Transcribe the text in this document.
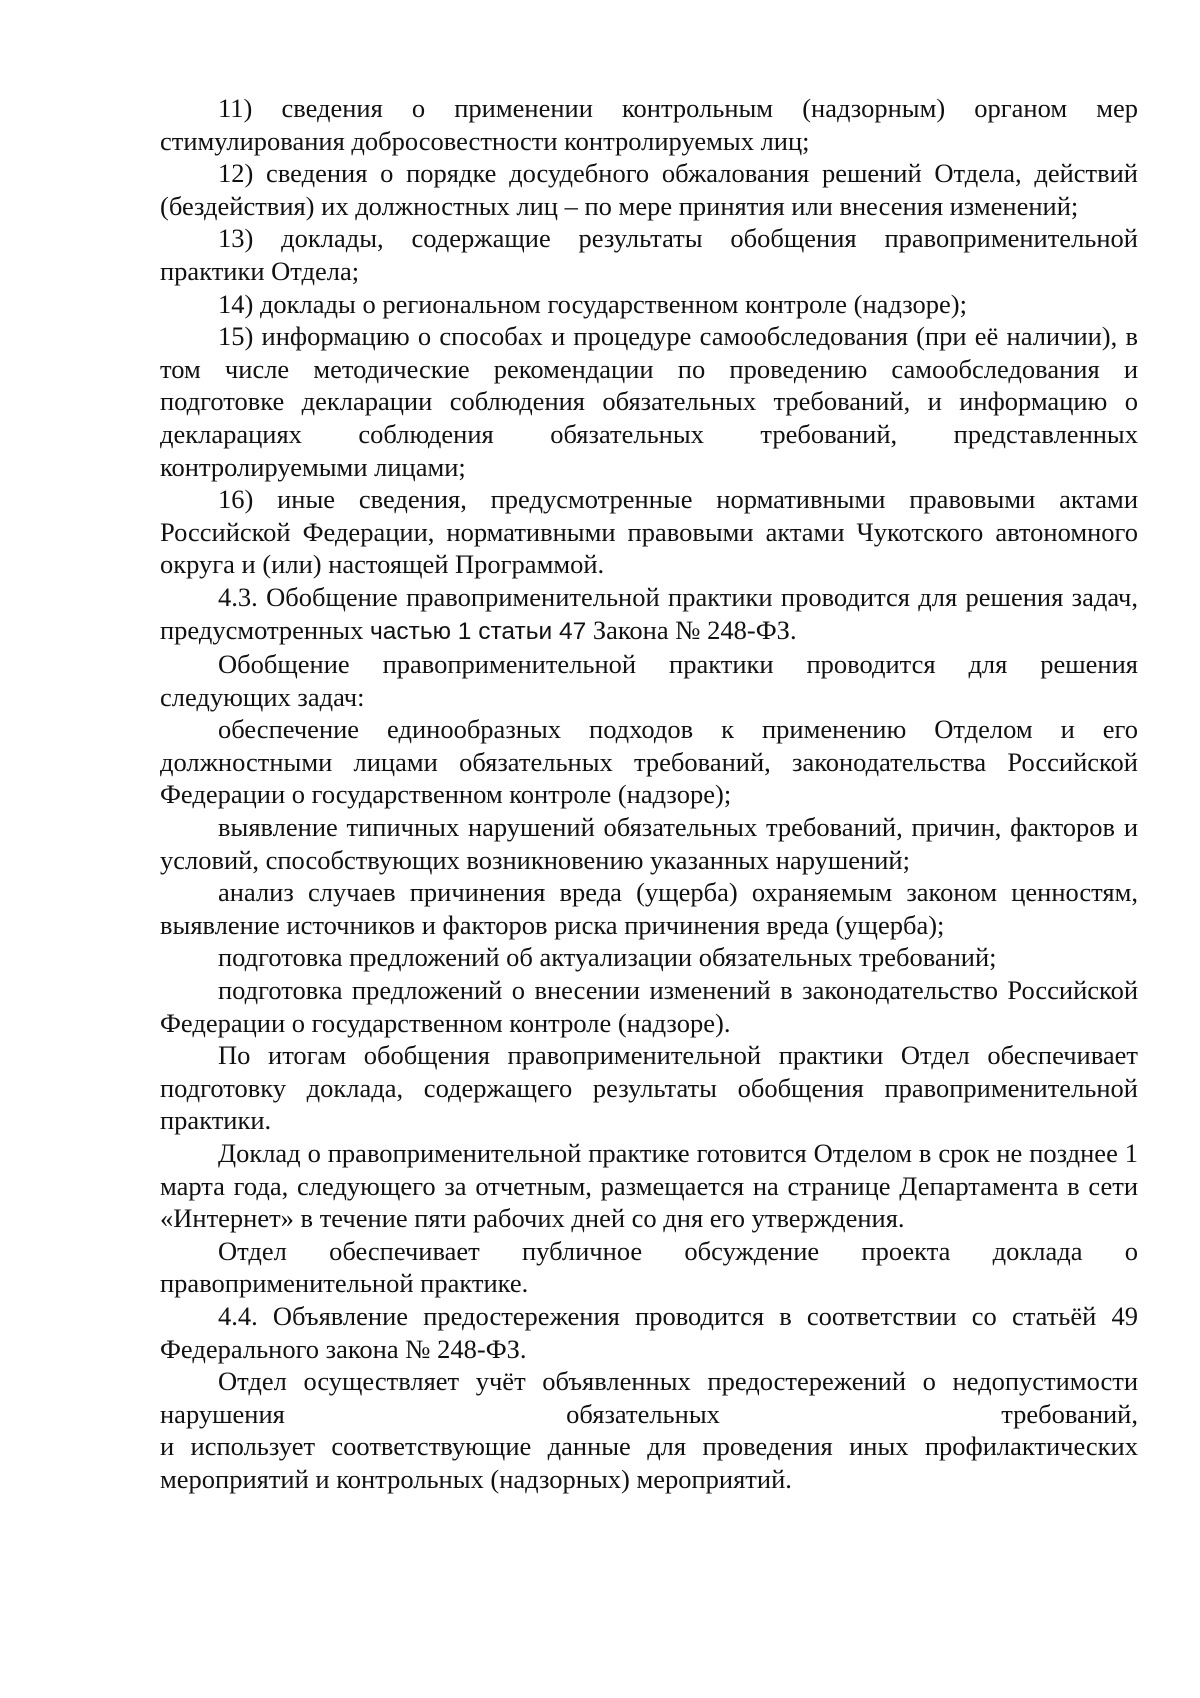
11) сведения о применении контрольным (надзорным) органом мер стимулирования добросовестности контролируемых лиц;

12) сведения о порядке досудебного обжалования решений Отдела, действий (бездействия) их должностных лиц – по мере принятия или внесения изменений;

13) доклады, содержащие результаты обобщения правоприменительной практики Отдела;

14) доклады о региональном государственном контроле (надзоре);

15) информацию о способах и процедуре самообследования (при её наличии), в том числе методические рекомендации по проведению самообследования и подготовке декларации соблюдения обязательных требований, и информацию о декларациях соблюдения обязательных требований, представленных контролируемыми лицами;

16) иные сведения, предусмотренные нормативными правовыми актами Российской Федерации, нормативными правовыми актами Чукотского автономного округа и (или) настоящей Программой.

4.3. Обобщение правоприменительной практики проводится для решения задач, предусмотренных частью 1 статьи 47 Закона № 248-ФЗ.

Обобщение правоприменительной практики проводится для решения следующих задач:

обеспечение единообразных подходов к применению Отделом и его должностными лицами обязательных требований, законодательства Российской Федерации о государственном контроле (надзоре);

выявление типичных нарушений обязательных требований, причин, факторов и условий, способствующих возникновению указанных нарушений;

анализ случаев причинения вреда (ущерба) охраняемым законом ценностям, выявление источников и факторов риска причинения вреда (ущерба);

подготовка предложений об актуализации обязательных требований;

подготовка предложений о внесении изменений в законодательство Российской Федерации о государственном контроле (надзоре).

По итогам обобщения правоприменительной практики Отдел обеспечивает подготовку доклада, содержащего результаты обобщения правоприменительной практики.

Доклад о правоприменительной практике готовится Отделом в срок не позднее 1 марта года, следующего за отчетным, размещается на странице Департамента в сети «Интернет» в течение пяти рабочих дней со дня его утверждения.

Отдел обеспечивает публичное обсуждение проекта доклада о правоприменительной практике.

4.4. Объявление предостережения проводится в соответствии со статьёй 49 Федерального закона № 248-ФЗ.

Отдел осуществляет учёт объявленных предостережений о недопустимости нарушения обязательных требований,

и использует соответствующие данные для проведения иных профилактических мероприятий и контрольных (надзорных) мероприятий.
